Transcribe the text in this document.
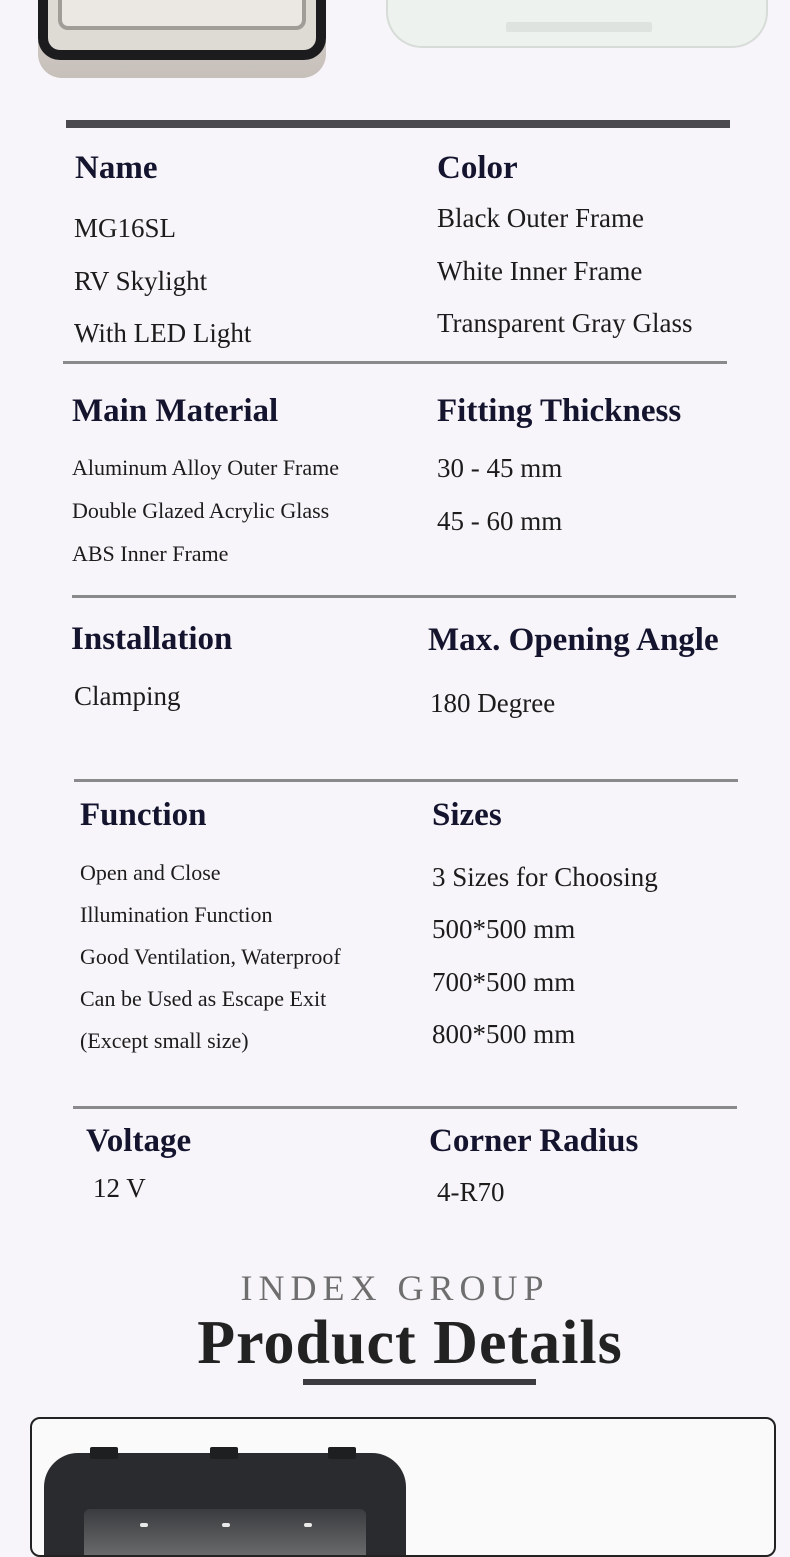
Name
MG16SL
RV Skylight
With LED Light
Color
Black Outer Frame
White Inner Frame
Transparent Gray Glass
Main Material
Aluminum Alloy Outer Frame
Double Glazed Acrylic Glass
ABS Inner Frame
Fitting Thickness
30 - 45 mm
45 - 60 mm
Installation
Clamping
Max. Opening Angle
180 Degree
Function
Open and Close
Illumination Function
Good Ventilation, Waterproof
Can be Used as Escape Exit
(Except small size)
Sizes
3 Sizes for Choosing
500*500 mm
700*500 mm
800*500 mm
Voltage
12 V
Corner Radius
4-R70
INDEX GROUP
Product Details
